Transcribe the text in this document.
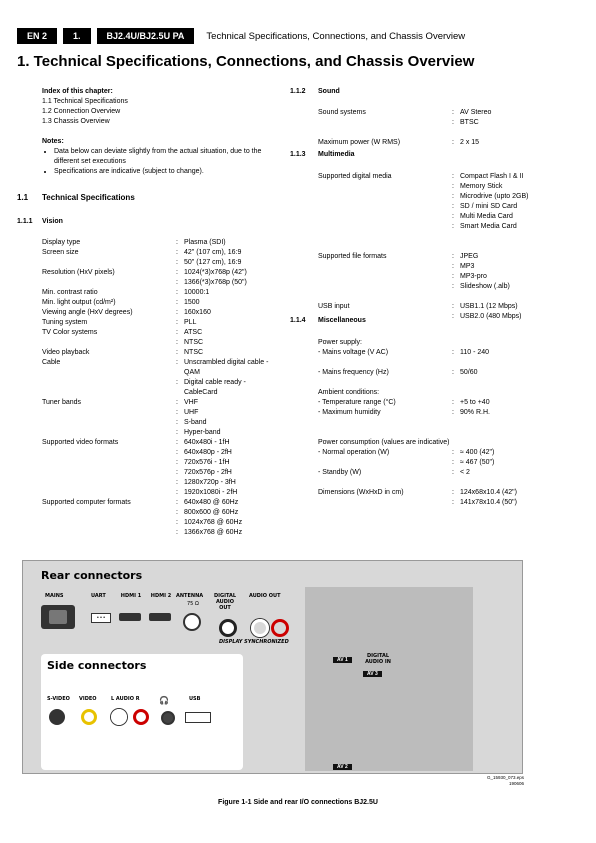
EN 2	1.	BJ2.4U/BJ2.5U PA	Technical Specifications, Connections, and Chassis Overview
1. Technical Specifications, Connections, and Chassis Overview
Index of this chapter:
1.1 Technical Specifications
1.2 Connection Overview
1.3 Chassis Overview
Notes:
• Data below can deviate slightly from the actual situation, due to the different set executions
• Specifications are indicative (subject to change).
1.1 Technical Specifications
1.1.1 Vision
Display type	: Plasma (SDI)
Screen size	: 42" (107 cm), 16:9
: 50" (127 cm), 16:9
Resolution (HxV pixels)	: 1024(*3)x768p (42")
: 1366(*3)x768p (50")
Min. contrast ratio	: 10000:1
Min. light output (cd/m²)	: 1500
Viewing angle (HxV degrees)	: 160x160
Tuning system	: PLL
TV Color systems	: ATSC
: NTSC
Video playback	: NTSC
Cable	: Unscrambled digital cable - QAM
: Digital cable ready - CableCard
Tuner bands	: VHF
: UHF
: S-band
: Hyper-band
Supported video formats	: 640x480i - 1fH
: 640x480p - 2fH
: 720x576i - 1fH
: 720x576p - 2fH
: 1280x720p - 3fH
: 1920x1080i - 2fH
Supported computer formats	: 640x480 @ 60Hz
: 800x600 @ 60Hz
: 1024x768 @ 60Hz
: 1366x768 @ 60Hz
1.1.2 Sound
Sound systems	: AV Stereo
: BTSC

Maximum power (W RMS)	: 2 x 15
1.1.3 Multimedia
Supported digital media	: Compact Flash I & II
: Memory Stick
: Microdrive (upto 2GB)
: SD / mini SD Card
: Multi Media Card
: Smart Media Card

Supported file formats	: JPEG
: MP3
: MP3-pro
: Slideshow (.alb)

USB input	: USB1.1 (12 Mbps)
: USB2.0 (480 Mbps)
1.1.4 Miscellaneous
Power supply:
- Mains voltage (V AC)	: 110 - 240
- Mains frequency (Hz)	: 50/60
Ambient conditions:
- Temperature range (°C)	: +5 to +40
- Maximum humidity	: 90% R.H.
Power consumption (values are indicative)
- Normal operation (W)	: ≈ 400 (42")
: ≈ 467 (50")
- Standby (W)	: < 2
Dimensions (WxHxD in cm)	: 124x68x10.4 (42")
: 141x78x10.4 (50")
Rear connectors
MAINS	UART
• • •
HDMI 1	HDMI 2 ANTENNA
75 Ω
DIGITAL AUDIO OUT
AUDIO OUT
DISPLAY SYNCHRONIZED
AV 1
AV 2
AV 3
DIGITAL AUDIO IN
Side connectors
S-VIDEO VIDEO	L AUDIO R 🎧	USB
G_15930_073.eps
190606
Figure 1-1 Side and rear I/O connections BJ2.5U
